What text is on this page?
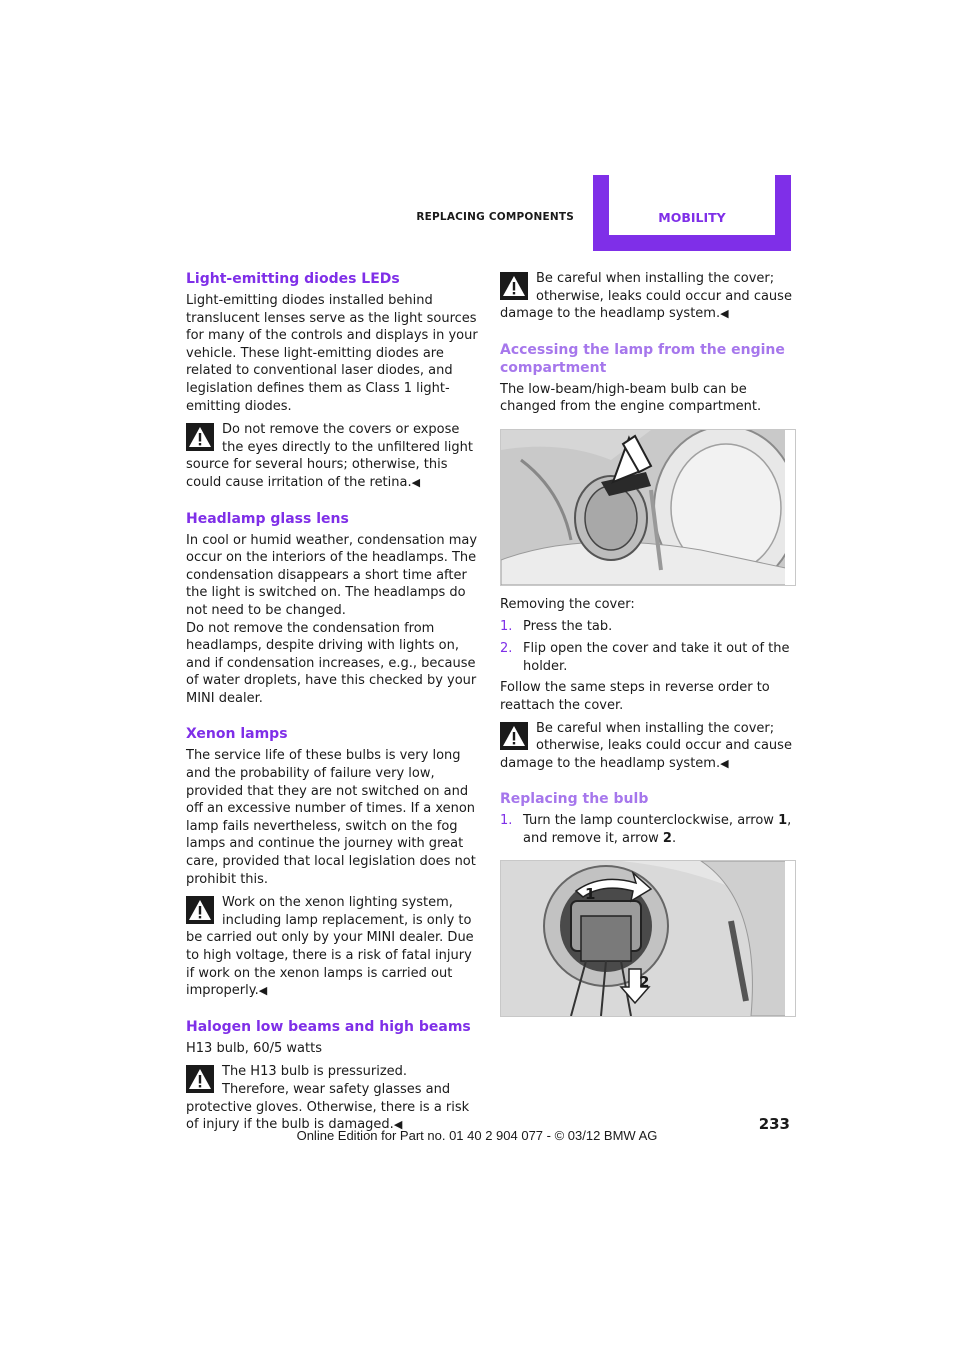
REPLACING COMPONENTS	MOBILITY
Light-emitting diodes LEDs

Light-emitting diodes installed behind translucent lenses serve as the light sources for many of the controls and displays in your vehicle. These light-emitting diodes are related to conventional laser diodes, and legislation defines them as Class 1 light-emitting diodes.

Do not remove the covers or expose the eyes directly to the unfiltered light source for several hours; otherwise, this could cause irritation of the retina.◀
Headlamp glass lens

In cool or humid weather, condensation may occur on the interiors of the headlamps. The condensation disappears a short time after the light is switched on. The headlamps do not need to be changed.

Do not remove the condensation from headlamps, despite driving with lights on, and if condensation increases, e.g., because of water droplets, have this checked by your MINI dealer.

Xenon lamps

The service life of these bulbs is very long and the probability of failure very low, provided that they are not switched on and off an excessive number of times. If a xenon lamp fails nevertheless, switch on the fog lamps and continue the journey with great care, provided that local legislation does not prohibit this.

Work on the xenon lighting system, including lamp replacement, is only to be carried out only by your MINI dealer. Due to high voltage, there is a risk of fatal injury if work on the xenon lamps is carried out improperly.◀
Halogen low beams and high beams

H13 bulb, 60/5 watts

The H13 bulb is pressurized. Therefore, wear safety glasses and protective gloves. Otherwise, there is a risk of injury if the bulb is damaged.◀
Be careful when installing the cover; otherwise, leaks could occur and cause damage to the headlamp system.◀
Accessing the lamp from the engine compartment

The low-beam/high-beam bulb can be changed from the engine compartment.

Removing the cover:

1. Press the tab.
2. Flip open the cover and take it out of the holder.

Follow the same steps in reverse order to reattach the cover.

Be careful when installing the cover; otherwise, leaks could occur and cause damage to the headlamp system.◀
Replacing the bulb
1. Turn the lamp counterclockwise, arrow 1, and remove it, arrow 2.
1
2
233
Online Edition for Part no. 01 40 2 904 077 - © 03/12 BMW AG
